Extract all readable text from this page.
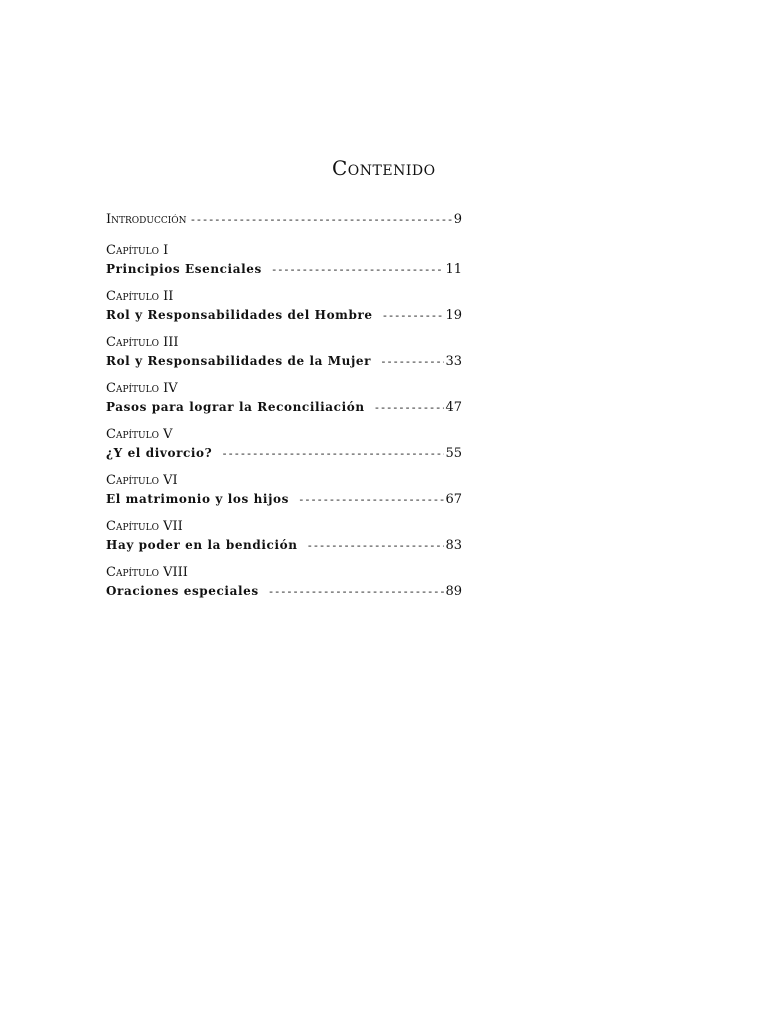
Contenido
Introducción -----	9
Capítulo I
Principios Esenciales -----	11
Capítulo II
Rol y Responsabilidades del Hombre -----	19
Capítulo III
Rol y Responsabilidades de la Mujer -----	33
Capítulo IV
Pasos para lograr la Reconciliación -----	47
Capítulo V
¿Y el divorcio? -----	55
Capítulo VI
El matrimonio y los hijos -----	67
Capítulo VII
Hay poder en la bendición -----	83
Capítulo VIII
Oraciones especiales -----	89
